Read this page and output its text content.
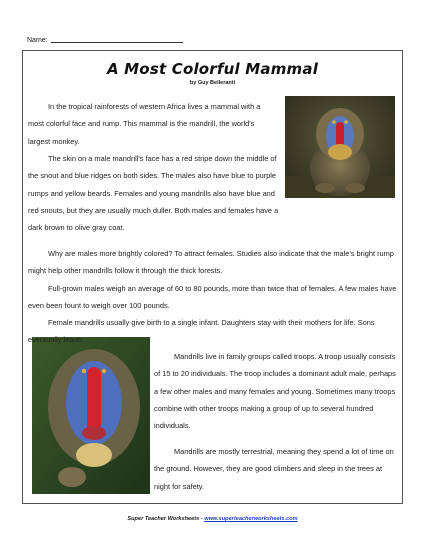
Name:
A Most Colorful Mammal
by Guy Belleranti

In the tropical rainforests of western Africa lives a mammal with a most colorful face and rump. This mammal is the mandrill, the world's largest monkey.

The skin on a male mandrill's face has a red stripe down the middle of the snout and blue ridges on both sides. The males also have blue to purple rumps and yellow beards. Females and young mandrills also have blue and red snouts, but they are usually much duller. Both males and females have a dark brown to olive gray coat.

Why are males more brightly colored? To attract females. Studies also indicate that the male's bright rump might help other mandrills follow it through the thick forests.

Full-grown males weigh an average of 60 to 80 pounds, more than twice that of females. A few males have even been fount to weigh over 100 pounds.

Female mandrills usually give birth to a single infant. Daughters stay with their mothers for life. Sons eventually leave.

Mandrills live in family groups called troops. A troop usually consists of 15 to 20 individuals. The troop includes a dominant adult male, perhaps a few other males and many females and young. Sometimes many troops combine with other troops making a group of up to several hundred individuals.

Mandrills are mostly terrestrial, meaning they spend a lot of time on the ground. However, they are good climbers and sleep in the trees at night for safety.

Super Teacher Worksheets - www.superteacherworksheets.com
